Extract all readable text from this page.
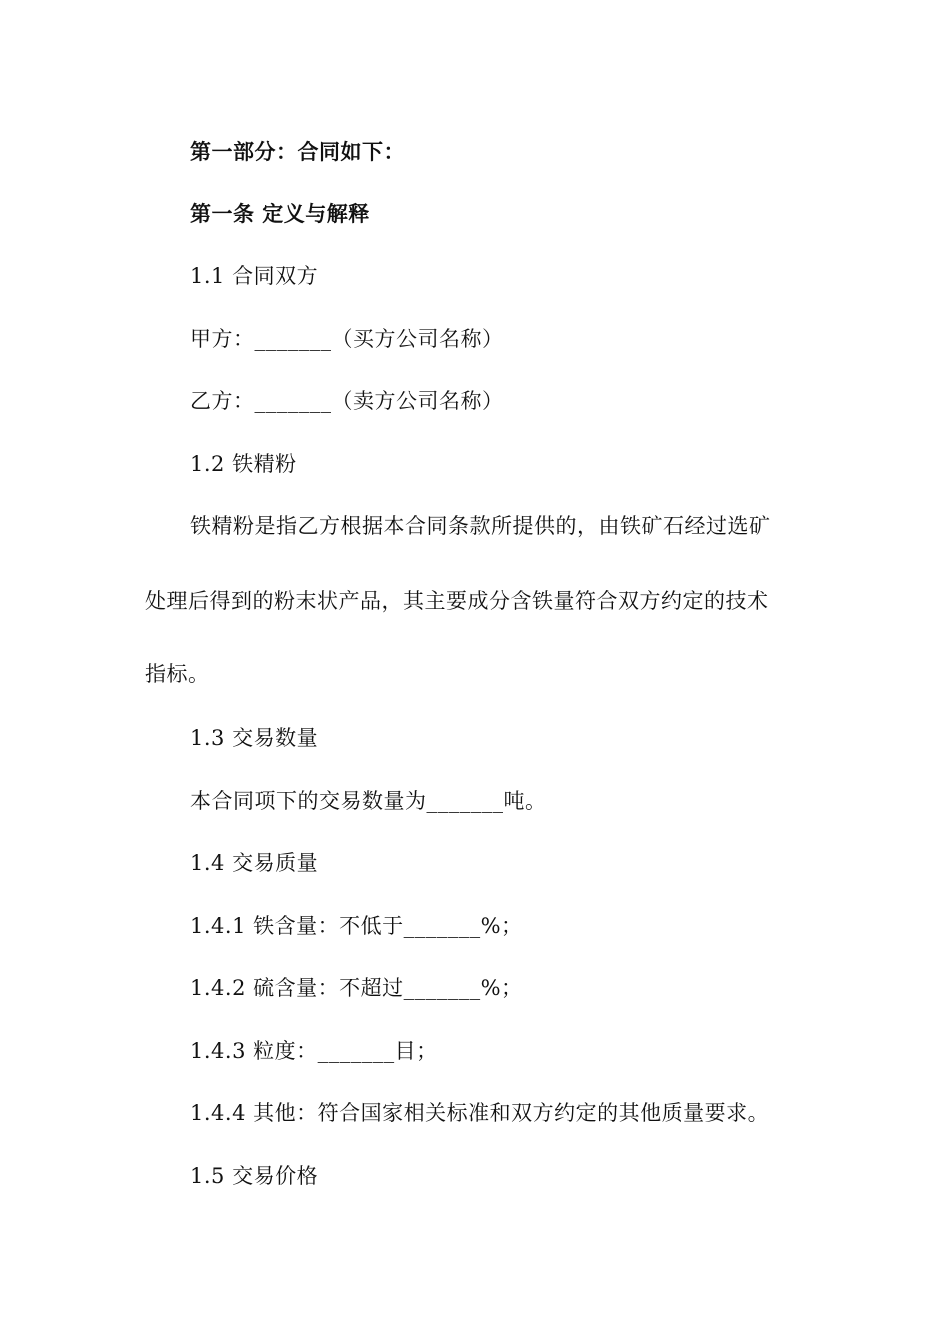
第一部分：合同如下：
第一条 定义与解释
1.1 合同双方
甲方：_______（买方公司名称）
乙方：_______（卖方公司名称）
1.2 铁精粉
铁精粉是指乙方根据本合同条款所提供的，由铁矿石经过选矿
处理后得到的粉末状产品，其主要成分含铁量符合双方约定的技术
指标。
1.3 交易数量
本合同项下的交易数量为_______吨。
1.4 交易质量
1.4.1 铁含量：不低于_______%；
1.4.2 硫含量：不超过_______%；
1.4.3 粒度：_______目；
1.4.4 其他：符合国家相关标准和双方约定的其他质量要求。
1.5 交易价格
